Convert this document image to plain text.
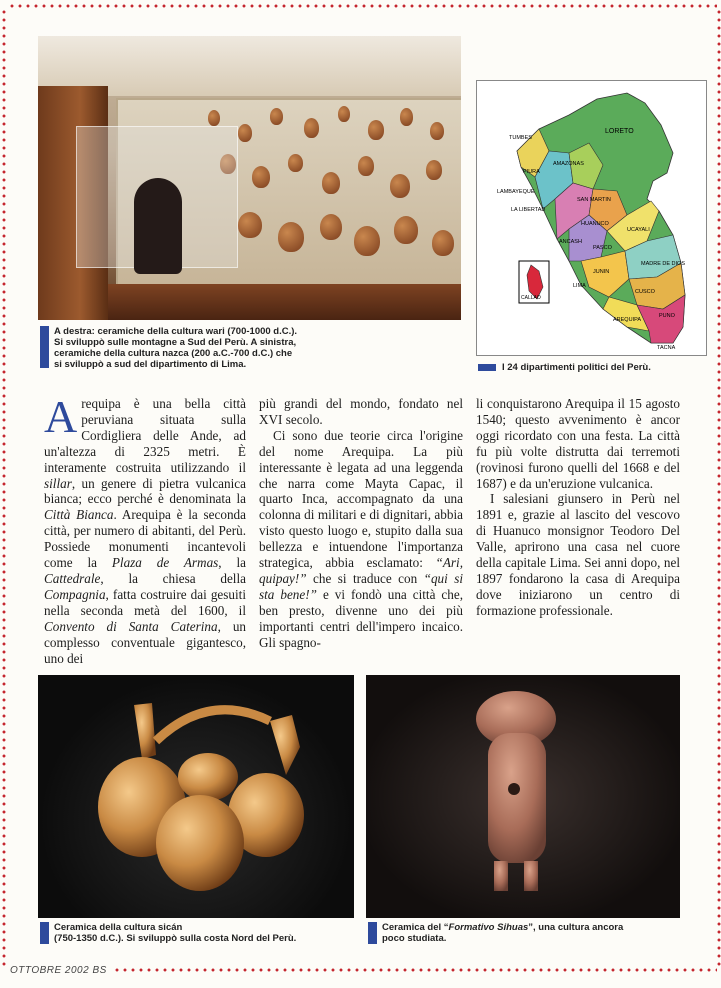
A destra: ceramiche della cultura wari (700-1000 d.C.).
Si sviluppò sulle montagne a Sud del Perù. A sinistra,
ceramiche della cultura nazca (200 a.C.-700 d.C.) che
si sviluppò a sud del dipartimento di Lima.
TUMBES
PIURA
LAMBAYEQUE
LA LIBERTAD
AMAZONAS
LORETO
SAN MARTIN
HUANUCO
ANCASH
PASCO
UCAYALI
JUNIN
LIMA
MADRE DE DIOS
CUSCO
PUNO
AREQUIPA
TACNA
CALLAO
I 24 dipartimenti politici del Perù.

Arequipa è una bella città peruviana situata sulla Cordigliera delle Ande, ad un'altezza di 2325 metri. È interamente costruita utilizzando il sillar, un genere di pietra vulcanica bianca; ecco perché è denominata la Città Bianca. Arequipa è la seconda città, per numero di abitanti, del Perù. Possiede monumenti incantevoli come la Plaza de Armas, la Cattedrale, la chiesa della Compagnia, fatta costruire dai gesuiti nella seconda metà del 1600, il Convento di Santa Caterina, un complesso conventuale gigantesco, uno dei

più grandi del mondo, fondato nel XVI secolo.

Ci sono due teorie circa l'origine del nome Arequipa. La più interessante è legata ad una leggenda che narra come Mayta Capac, il quarto Inca, accompagnato da una colonna di militari e di dignitari, abbia visto questo luogo e, stupito dalla sua bellezza e intuendone l'importanza strategica, abbia esclamato: “Ari, quipay!” che si traduce con “qui si sta bene!” e vi fondò una città che, ben presto, divenne uno dei più importanti centri dell'impero incaico. Gli spagno-

li conquistarono Arequipa il 15 agosto 1540; questo avvenimento è ancor oggi ricordato con una festa. La città fu più volte distrutta dai terremoti (rovinosi furono quelli del 1668 e del 1687) e da un'eruzione vulcanica.

I salesiani giunsero in Perù nel 1891 e, grazie al lascito del vescovo di Huanuco monsignor Teodoro Del Valle, aprirono una casa nel cuore della capitale Lima. Sei anni dopo, nel 1897 fondarono la casa di Arequipa dove iniziarono un centro di formazione professionale.

Ceramica della cultura sicán
(750-1350 d.C.). Si sviluppò sulla costa Nord del Perù.
Ceramica del “Formativo Sihuas”, una cultura ancora
poco studiata.
OTTOBRE 2002 BS
